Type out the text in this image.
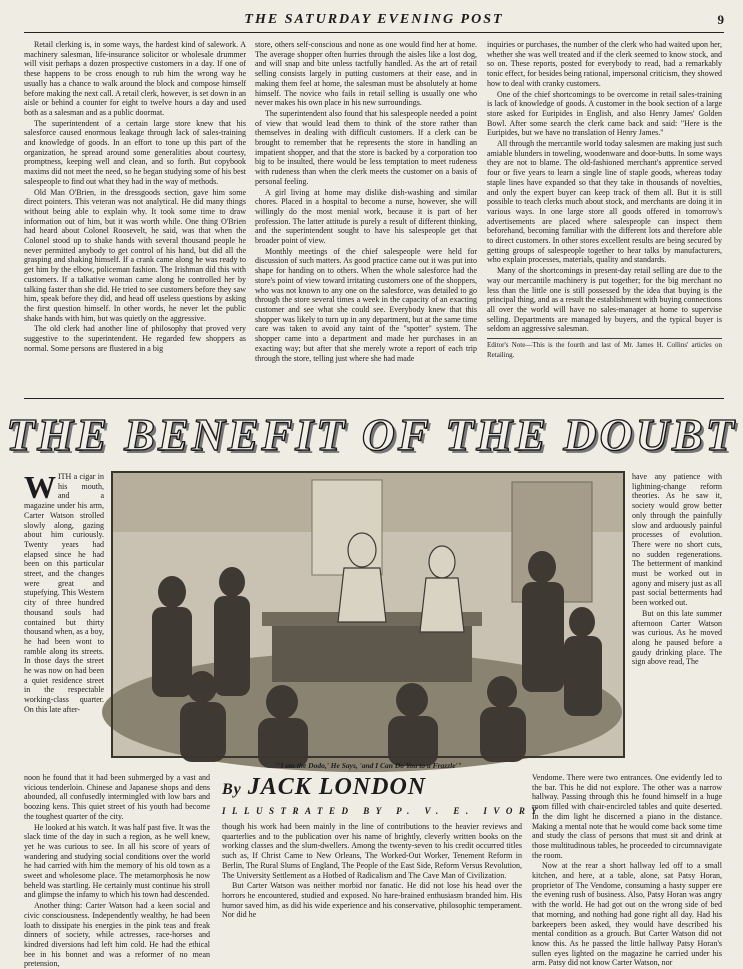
THE SATURDAY EVENING POST	9

Retail clerking is, in some ways, the hardest kind of salework. A machinery salesman, life-insurance solicitor or wholesale drummer will visit perhaps a dozen prospective customers in a day. If one of these happens to be cross enough to rub him the wrong way he usually has a chance to walk around the block and compose himself before making the next call. A retail clerk, however, is set down in an aisle or behind a counter for eight to twelve hours a day and used both as a salesman and as a public doormat.

The superintendent of a certain large store knew that his salesforce caused enormous leakage through lack of sales-training and knowledge of goods. In an effort to tone up this part of the organization, he spread around some generalities about courtesy, promptness, keeping well and clean, and so forth. But copybook maxims did not meet the need, so he began studying some of his best salespeople to find out what they had in the way of methods.

Old Man O'Brien, in the dressgoods section, gave him some direct pointers. This veteran was not analytical. He did many things without being able to explain why. It took some time to draw information out of him, but it was worth while. One thing O'Brien had heard about Colonel Roosevelt, he said, was that when the Colonel stood up to shake hands with several thousand people he never permitted anybody to get control of his hand, but did all the grasping and shaking himself. If a crank came along he was ready to get him by the elbow, policeman fashion. The Irishman did this with customers. If a talkative woman came along he controlled her by talking faster than she did. He tried to see customers before they saw him, speak before they did, and head off useless questions by asking the first question himself. In other words, he never let the public shake hands with him, but was quietly on the aggressive.

The old clerk had another line of philosophy that proved very suggestive to the superintendent. He regarded few shoppers as normal. Some persons are flustered in a big

store, others self-conscious and none as one would find her at home. The average shopper often hurries through the aisles like a lost dog, and will snap and bite unless tactfully handled. As the art of retail selling consists largely in putting customers at their ease, and in making them feel at home, the salesman must be absolutely at home himself. The novice who fails in retail selling is usually one who never makes his own place in his new surroundings.

The superintendent also found that his salespeople needed a point of view that would lead them to think of the store rather than themselves in dealing with difficult customers. If a clerk can be brought to remember that he represents the store in handling an impatient shopper, and that the store is backed by a corporation too big to be insulted, there would be less temptation to meet rudeness with rudeness than when the clerk meets the customer on a basis of personal feeling.

A girl living at home may dislike dish-washing and similar chores. Placed in a hospital to become a nurse, however, she will willingly do the most menial work, because it is part of her profession. The latter attitude is purely a result of different thinking, and the superintendent sought to have his salespeople get that broader point of view.

Monthly meetings of the chief salespeople were held for discussion of such matters. As good practice came out it was put into shape for handing on to others. When the whole salesforce had the store's point of view toward irritating customers one of the shoppers, who was not known to any one on the salesforce, was detailed to go through the store several times a week in the capacity of an exacting customer and see what she could see. Everybody knew that this shopper was likely to turn up in any department, but at the same time care was taken to avoid any taint of the "spotter" system. The shopper came into a department and made her purchases in an exacting way; but after that she merely wrote a report of each trip through the store, telling just where she had made

inquiries or purchases, the number of the clerk who had waited upon her, whether she was well treated and if the clerk seemed to know stock, and so on. These reports, posted for everybody to read, had a remarkably tonic effect, for besides being rational, impersonal criticism, they showed how to deal with cranky customers.

One of the chief shortcomings to be overcome in retail sales-training is lack of knowledge of goods. A customer in the book section of a large store asked for Euripides in English, and also Henry James' Golden Bowl. After some search the clerk came back and said: "Here is the Euripides, but we have no translation of Henry James."

All through the mercantile world today salesmen are making just such amiable blunders in toweling, woodenware and door-butts. In some ways they are not to blame. The old-fashioned merchant's apprentice served four or five years to learn a single line of staple goods, whereas today staple lines have expanded so that they take in thousands of novelties, and only the expert buyer can keep track of them all. But it is still possible to teach clerks much about stock, and merchants are doing it in various ways. In one large store all goods offered in tomorrow's advertisements are placed where salespeople can inspect them beforehand, becoming familiar with the different lots and therefore able to direct customers. In other stores excellent results are being secured by getting groups of salespeople together to hear talks by manufacturers, who explain processes, materials, quality and standards.

Many of the shortcomings in present-day retail selling are due to the way our mercantile machinery is put together; for the big merchant no less than the little one is still possessed by the idea that buying is the principal thing, and as a result the establishment with buying connections all over the world will have no sales-manager at home to supervise selling. Departments are managed by buyers, and the typical buyer is seldom an aggressive salesman.

Editor's Note—This is the fourth and last of Mr. James H. Collins' articles on Retailing.

THE BENEFIT OF THE DOUBT
"'I am the Dodo,' He Says, 'and I Can Do You to a Frazzle'"
By JACK LONDON
ILLUSTRATED BY P. V. E. IVORY

WITH a cigar in his mouth, and a magazine under his arm, Carter Watson strolled slowly along, gazing about him curiously. Twenty years had elapsed since he had been on this particular street, and the changes were great and stupefying. This Western city of three hundred thousand souls had contained but thirty thousand when, as a boy, he had been wont to ramble along its streets. In those days the street he was now on had been a quiet residence street in the respectable working-class quarter. On this late after-

noon he found that it had been submerged by a vast and vicious tenderloin. Chinese and Japanese shops and dens abounded, all confusedly intermingled with low bars and boozing kens. This quiet street of his youth had become the toughest quarter of the city.

He looked at his watch. It was half past five. It was the slack time of the day in such a region, as he well knew, yet he was curious to see. In all his score of years of wandering and studying social conditions over the world he had carried with him the memory of his old town as a sweet and wholesome place. The metamorphosis he now beheld was startling. He certainly must continue his stroll and glimpse the infamy to which his town had descended.

Another thing: Carter Watson had a keen social and civic consciousness. Independently wealthy, he had been loath to dissipate his energies in the pink teas and freak dinners of society, while actresses, race-horses and kindred diversions had left him cold. He had the ethical bee in his bonnet and was a reformer of no mean pretension,

though his work had been mainly in the line of contributions to the heavier reviews and quarterlies and to the publication over his name of brightly, cleverly written books on the working classes and the slum-dwellers. Among the twenty-seven to his credit occurred titles such as, If Christ Came to New Orleans, The Worked-Out Worker, Tenement Reform in Berlin, The Rural Slums of England, The People of the East Side, Reform Versus Revolution, The University Settlement as a Hotbed of Radicalism and The Cave Man of Civilization.

But Carter Watson was neither morbid nor fanatic. He did not lose his head over the horrors he encountered, studied and exposed. No hare-brained enthusiasm branded him. His humor saved him, as did his wide experience and his conservative, philosophic temperament. Nor did he

have any patience with lightning-change reform theories. As he saw it, society would grow better only through the painfully slow and arduously painful processes of evolution. There were no short cuts, no sudden regenerations. The betterment of mankind must be worked out in agony and misery just as all past social betterments had been worked out.

But on this late summer afternoon Carter Watson was curious. As he moved along he paused before a gaudy drinking place. The sign above read, The

Vendome. There were two entrances. One evidently led to the bar. This he did not explore. The other was a narrow hallway. Passing through this he found himself in a huge room filled with chair-encircled tables and quite deserted. In the dim light he discerned a piano in the distance. Making a mental note that he would come back some time and study the class of persons that must sit and drink at those multitudinous tables, he proceeded to circumnavigate the room.

Now at the rear a short hallway led off to a small kitchen, and here, at a table, alone, sat Patsy Horan, proprietor of The Vendome, consuming a hasty supper ere the evening rush of business. Also, Patsy Horan was angry with the world. He had got out on the wrong side of bed that morning, and nothing had gone right all day. Had his barkeepers been asked, they would have described his mental condition as a grouch. But Carter Watson did not know this. As he passed the little hallway Patsy Horan's sullen eyes lighted on the magazine he carried under his arm. Patsy did not know Carter Watson, nor
